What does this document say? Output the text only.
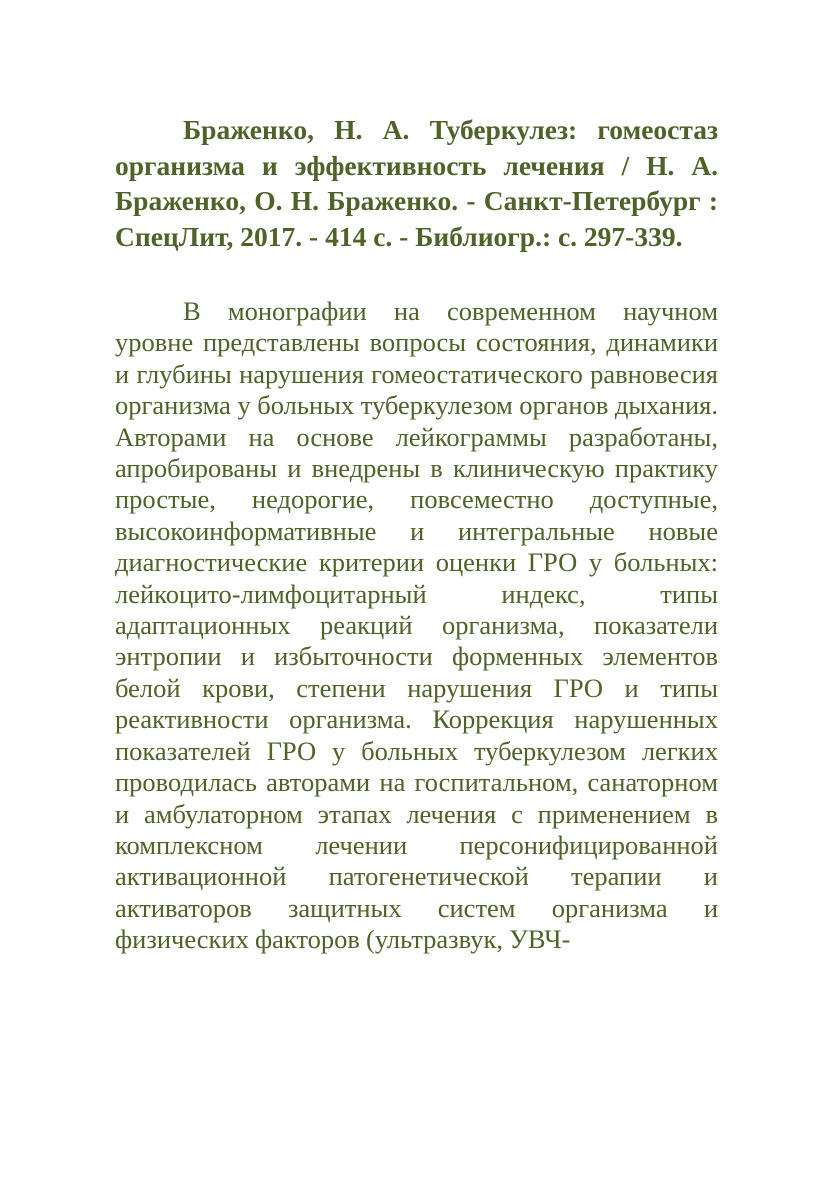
Браженко, Н. А. Туберкулез: гомеостаз организма и эффективность лечения / Н. А. Браженко, О. Н. Браженко. - Санкт-Петербург : СпецЛит, 2017. - 414 с. - Библиогр.: с. 297-339.

В монографии на современном научном уровне представлены вопросы состояния, динамики и глубины нарушения гомеостатического равновесия организма у больных туберкулезом органов дыхания. Авторами на основе лейкограммы разработаны, апробированы и внедрены в клиническую практику простые, недорогие, повсеместно доступные, высокоинформативные и интегральные новые диагностические критерии оценки ГРО у больных: лейкоцито-лимфоцитарный индекс, типы адаптационных реакций организма, показатели энтропии и избыточности форменных элементов белой крови, степени нарушения ГРО и типы реактивности организма. Коррекция нарушенных показателей ГРО у больных туберкулезом легких проводилась авторами на госпитальном, санаторном и амбулаторном этапах лечения с применением в комплексном лечении персонифицированной активационной патогенетической терапии и активаторов защитных систем организма и физических факторов (ультразвук, УВЧ-
